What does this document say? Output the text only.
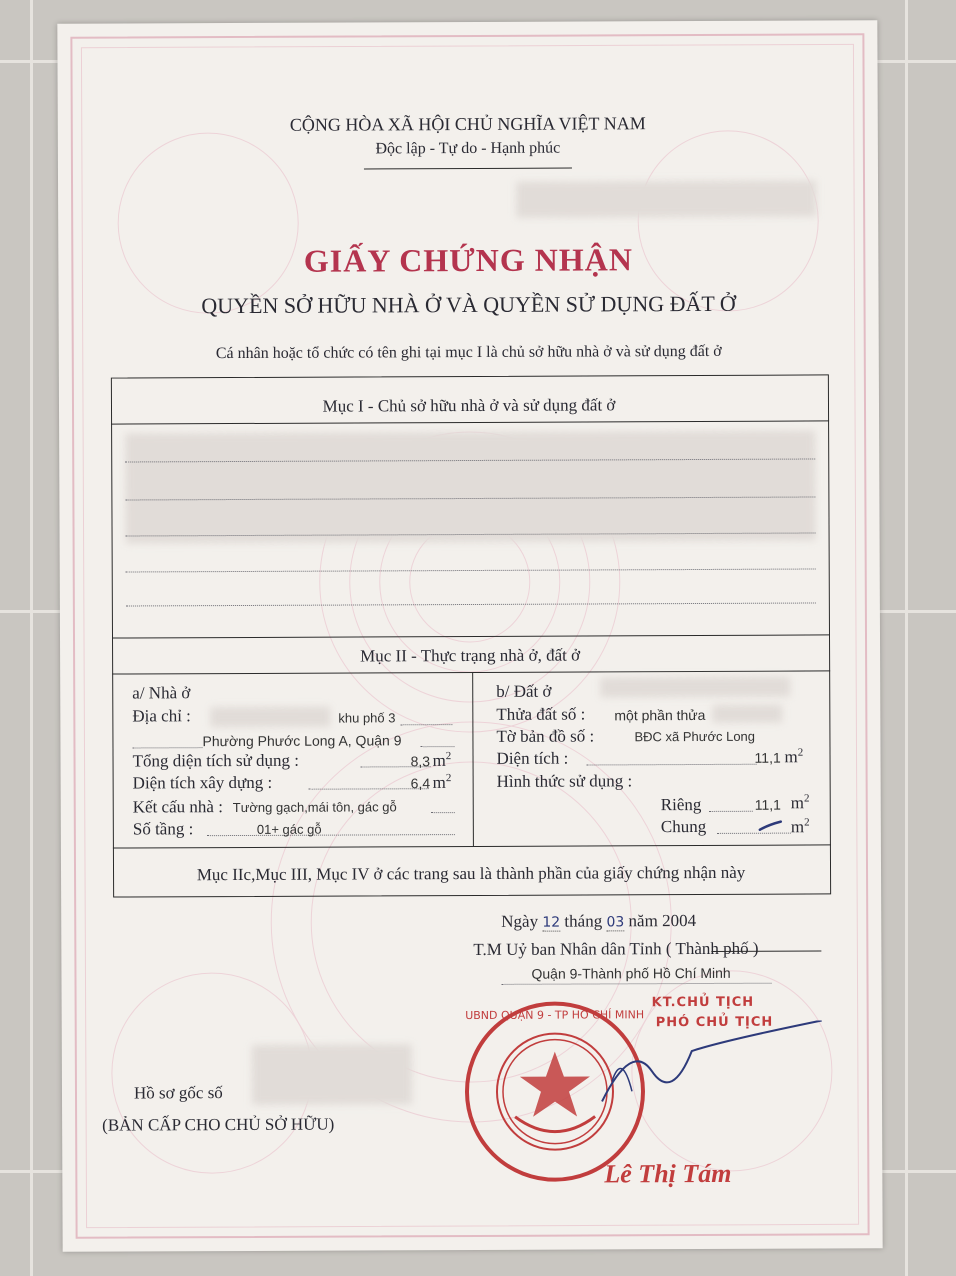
CỘNG HÒA XÃ HỘI CHỦ NGHĨA VIỆT NAM
Độc lập - Tự do - Hạnh phúc
GIẤY CHỨNG NHẬN
QUYỀN SỞ HỮU NHÀ Ở VÀ QUYỀN SỬ DỤNG ĐẤT Ở
Cá nhân hoặc tổ chức có tên ghi tại mục I là chủ sở hữu nhà ở và sử dụng đất ở
Mục I - Chủ sở hữu nhà ở và sử dụng đất ở
Mục II - Thực trạng nhà ở, đất ở
a/ Nhà ở
Địa chỉ :	khu phố 3
Phường Phước Long A, Quận 9
Tổng diện tích sử dụng :	8,3 $m^2$
Diện tích xây dựng :	6,4 $m^2$
Kết cấu nhà : Tường gạch,mái tôn, gác gỗ
Số tầng :	01+ gác gỗ
b/ Đất ở
Thửa đất số : một phần thửa
Tờ bản đồ số :	BĐC xã Phước Long
Diện tích :	11,1 $m^2$
Hình thức sử dụng :
Riêng	11,1 $m^2$
Chung	$m^2$
Mục IIc,Mục III, Mục IV ở các trang sau là thành phần của giấy chứng nhận này
Ngày 12 tháng 03 năm 2004
T.M Uỷ ban Nhân dân Tỉnh ( Thành phố )
Quận 9-Thành phố Hồ Chí Minh
KT.CHỦ TỊCH
PHÓ CHỦ TỊCH
UBND QUẬN 9 - TP HỒ CHÍ MINH
Lê Thị Tám
Hồ sơ gốc số
(BẢN CẤP CHO CHỦ SỞ HỮU)
